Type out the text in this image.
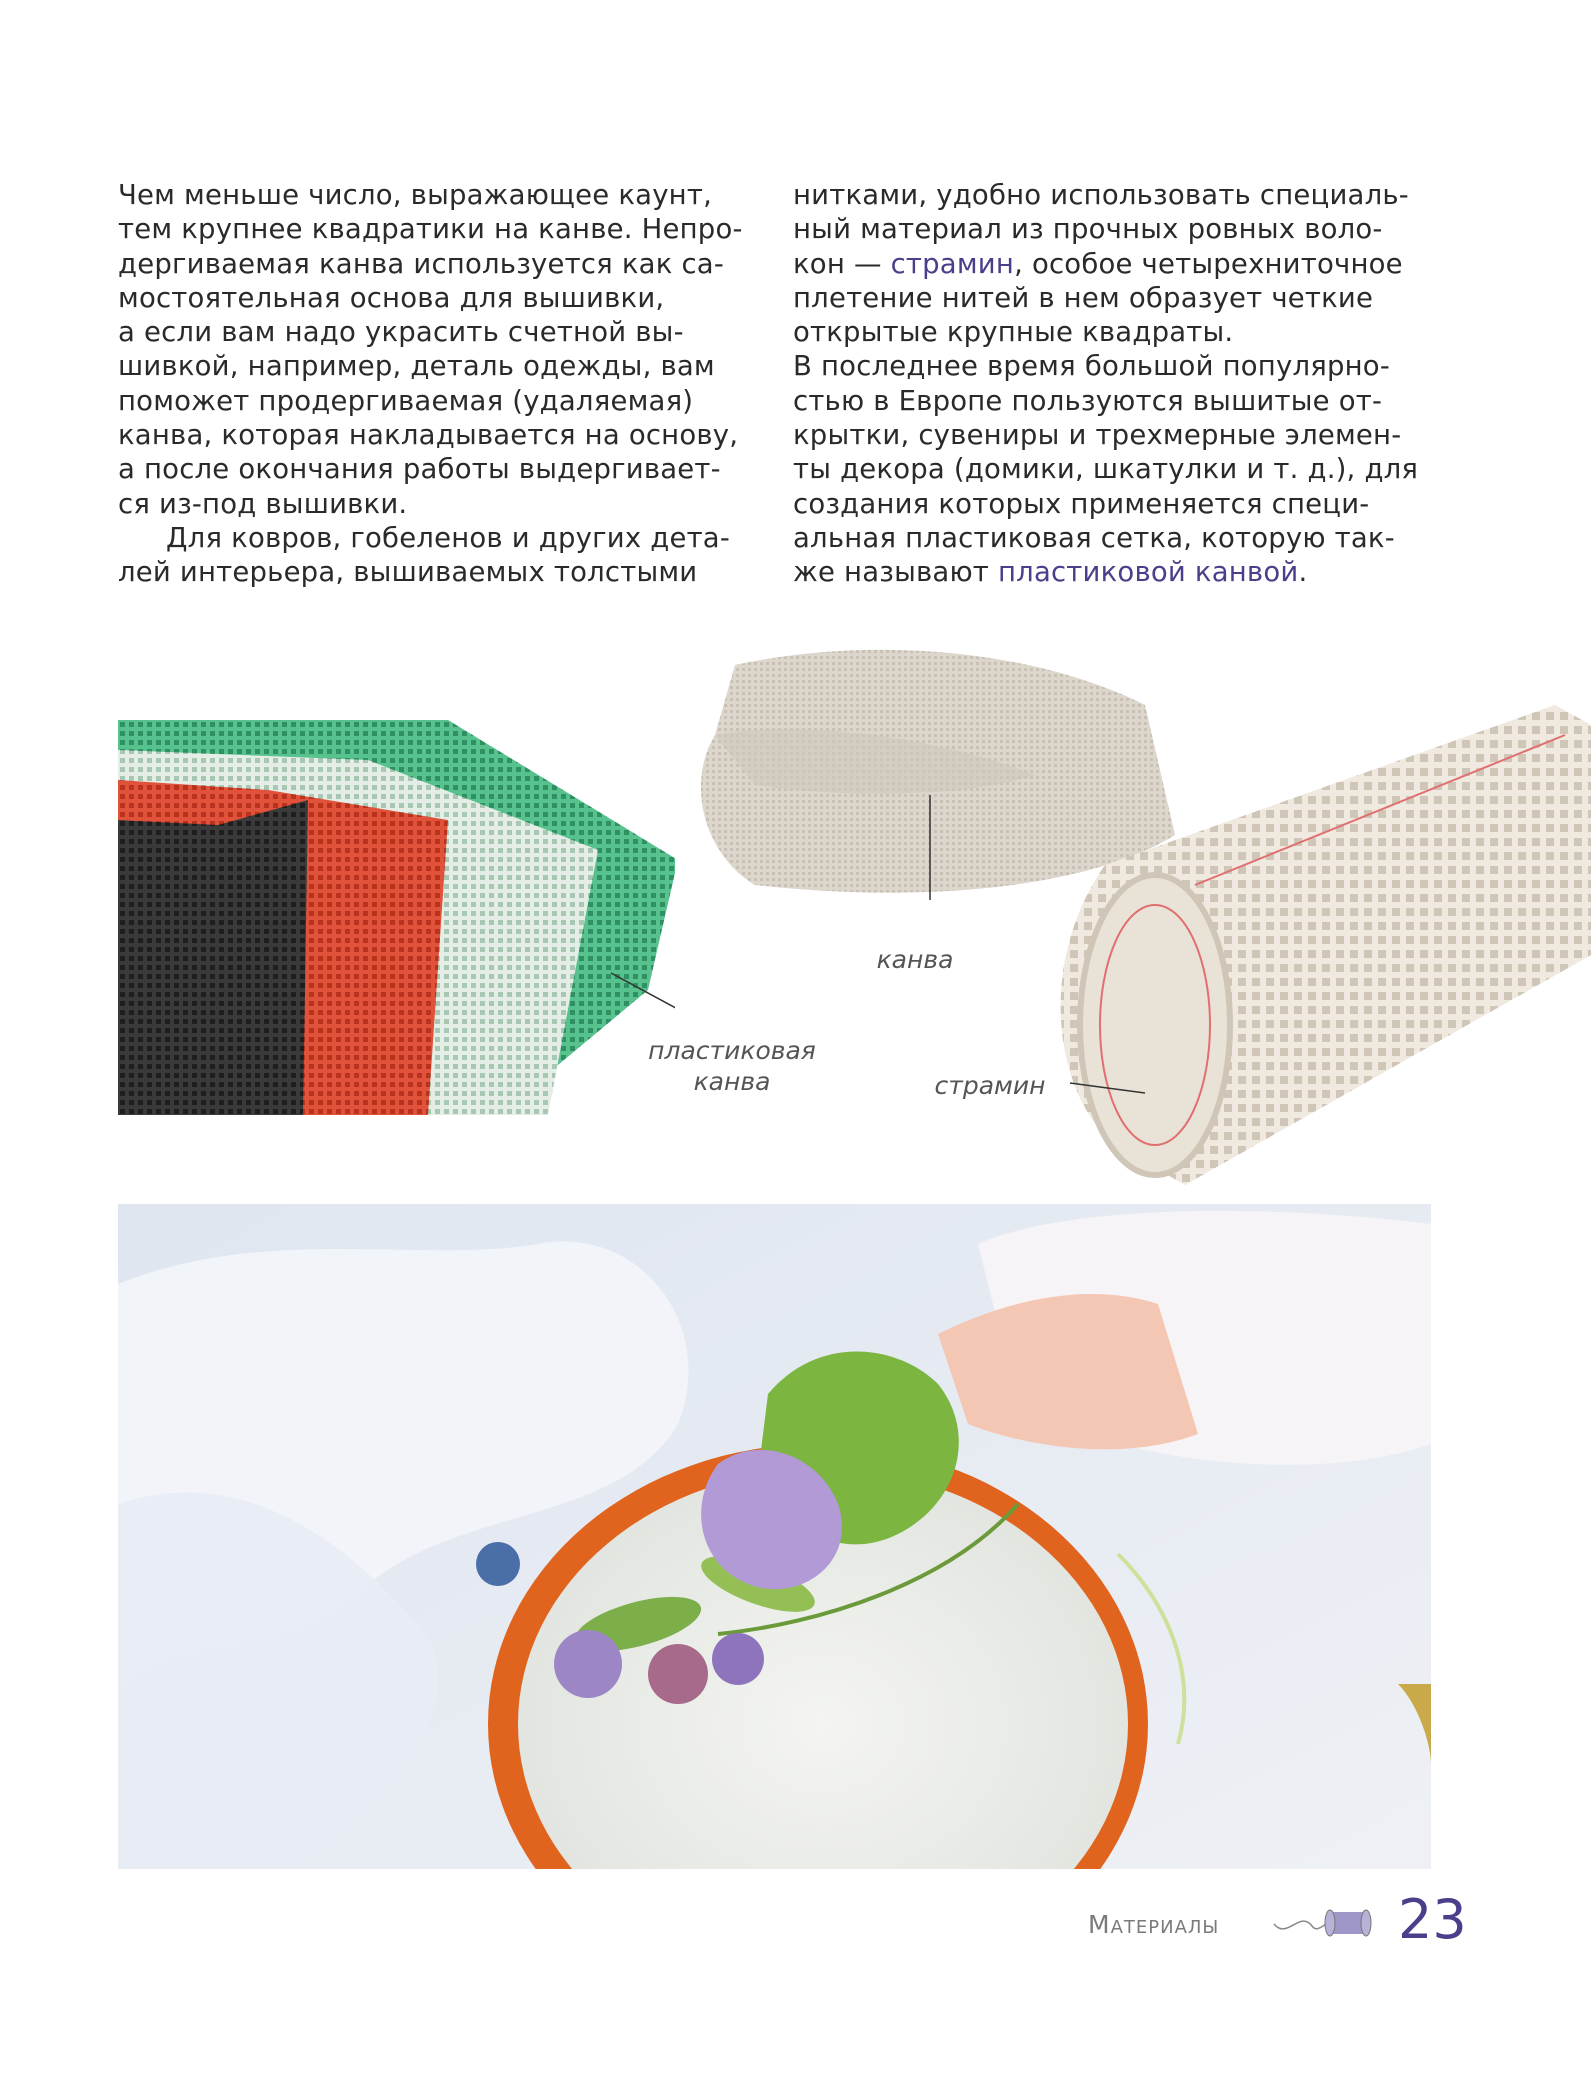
Чем меньше число, выражающее каунт,

тем крупнее квадратики на канве. Непро-

дергиваемая канва используется как са-

мостоятельная основа для вышивки,

а если вам надо украсить счетной вы-

шивкой, например, деталь одежды, вам

поможет продергиваемая (удаляемая)

канва, которая накладывается на основу,

а после окончания работы выдергивает-

ся из-под вышивки.

Для ковров, гобеленов и других дета-

лей интерьера, вышиваемых толстыми

нитками, удобно использовать специаль-

ный материал из прочных ровных воло-

кон — страмин, особое четырехниточное

плетение нитей в нем образует четкие

открытые крупные квадраты.

В последнее время большой популярно-

стью в Европе пользуются вышитые от-

крытки, сувениры и трехмерные элемен-

ты декора (домики, шкатулки и т. д.), для

создания которых применяется специ-

альная пластиковая сетка, которую так-

же называют пластиковой канвой.

пластиковая
канва
канва
страмин
Материалы	23
